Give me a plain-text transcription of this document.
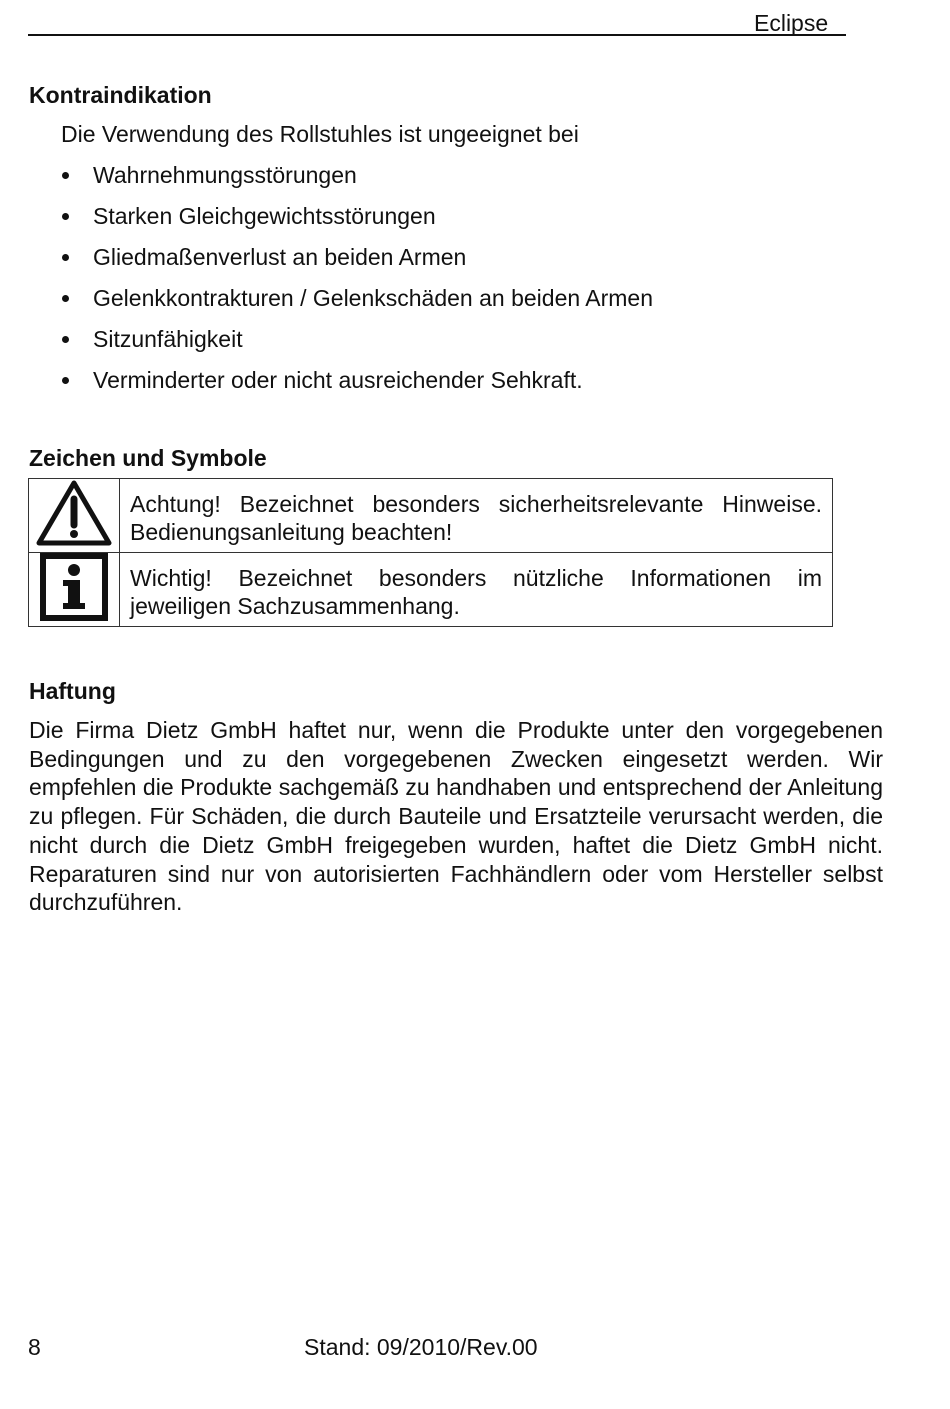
Eclipse
Kontraindikation
Die Verwendung des Rollstuhles ist ungeeignet bei
Wahrnehmungsstörungen
Starken Gleichgewichtsstörungen
Gliedmaßenverlust an beiden Armen
Gelenkkontrakturen / Gelenkschäden an beiden Armen
Sitzunfähigkeit
Verminderter oder nicht ausreichender Sehkraft.
Zeichen und Symbole
	Achtung! Bezeichnet besonders sicherheitsrelevante Hinweise. Bedienungsanleitung beachten!
	Wichtig! Bezeichnet besonders nützliche Informationen im jeweiligen Sachzusammenhang.
Haftung
Die Firma Dietz GmbH haftet nur, wenn die Produkte unter den vorgegebenen Bedingungen und zu den vorgegebenen Zwecken eingesetzt werden. Wir empfehlen die Produkte sachgemäß zu handhaben und entsprechend der Anleitung zu pflegen. Für Schäden, die durch Bauteile und Ersatzteile verursacht werden, die nicht durch die Dietz GmbH freigegeben wurden, haftet die Dietz GmbH nicht. Reparaturen sind nur von autorisierten Fachhändlern oder vom Hersteller selbst durchzuführen.
8	Stand: 09/2010/Rev.00
